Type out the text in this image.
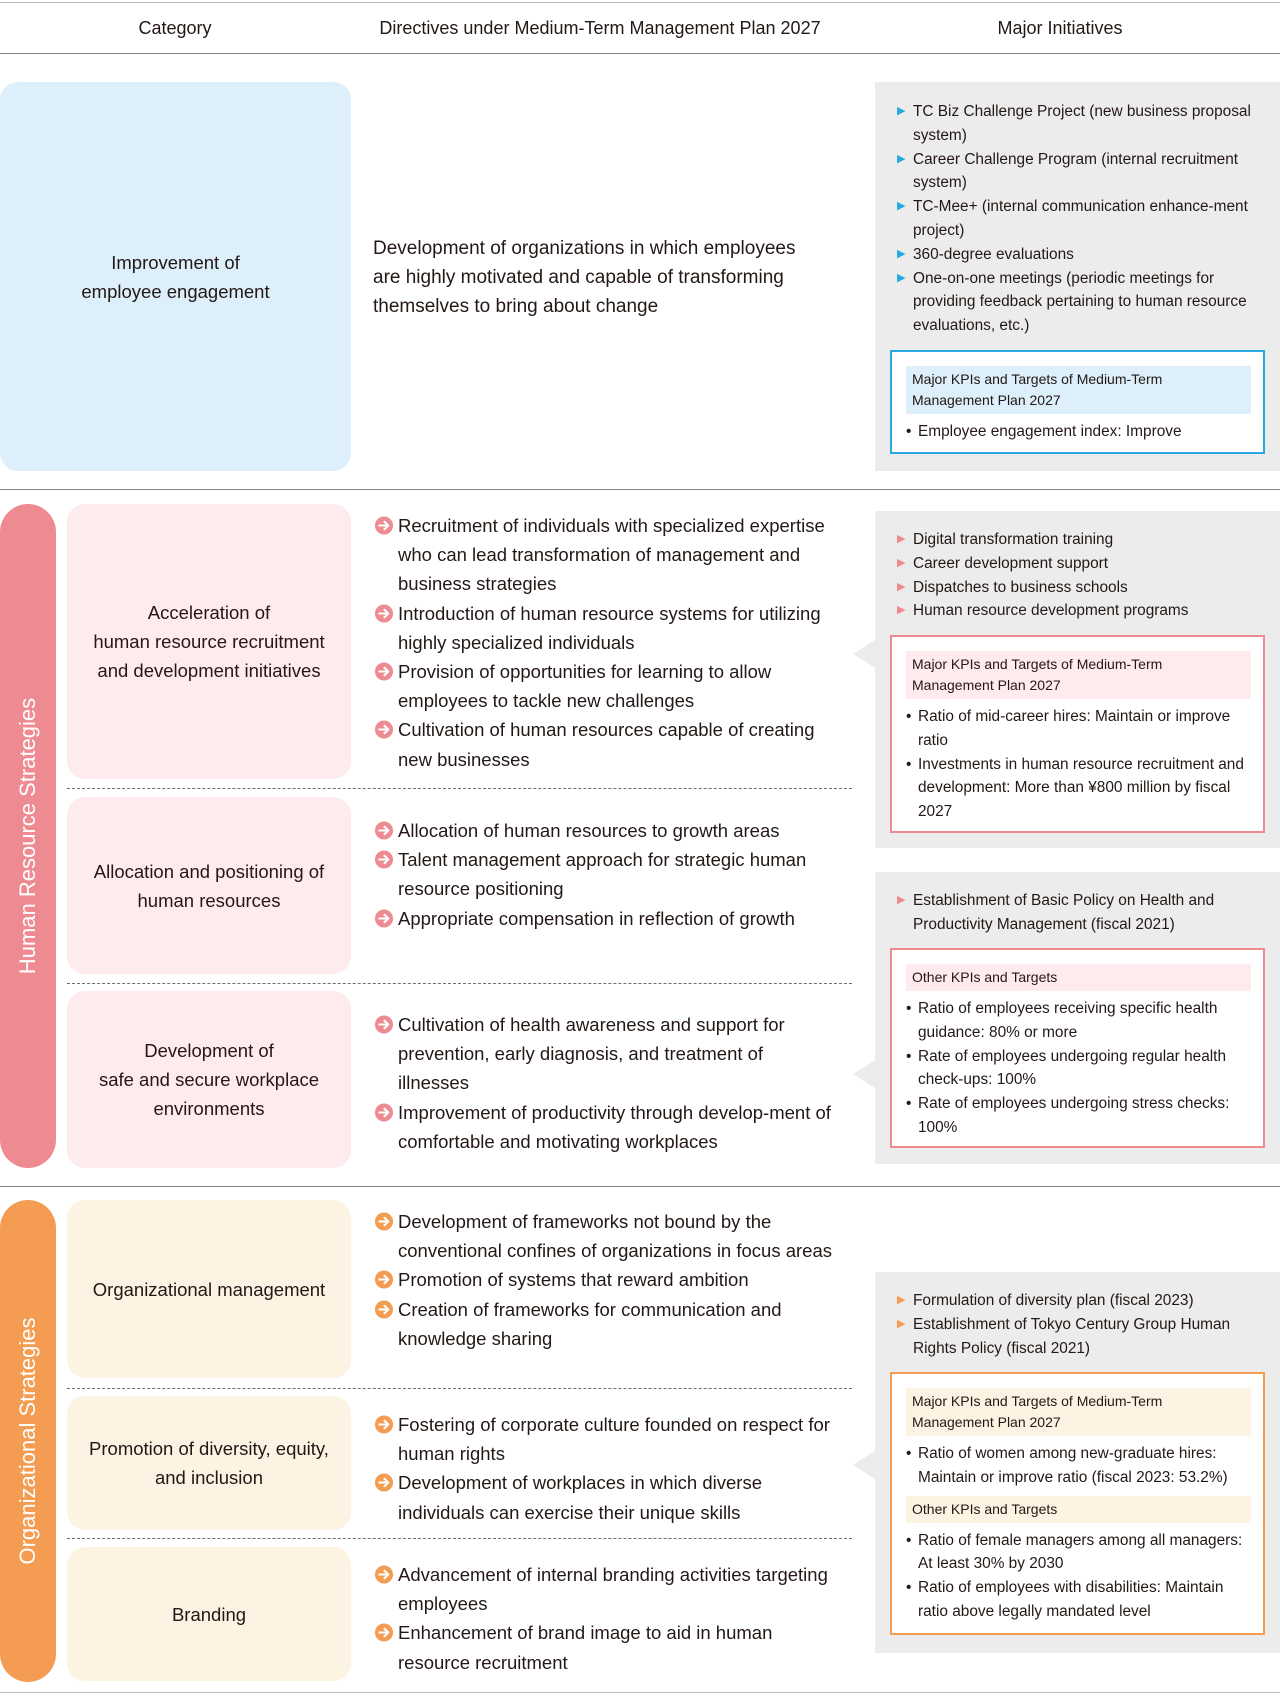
Category	Directives under Medium-Term Management Plan 2027	Major Initiatives
Improvement of
employee engagement
Development of organizations in which employees are highly motivated and capable of transforming themselves to bring about change
▶ TC Biz Challenge Project (new business proposal system)
▶ Career Challenge Program (internal recruitment system)
▶ TC-Mee+ (internal communication enhance-ment project)
▶ 360-degree evaluations
▶ One-on-one meetings (periodic meetings for providing feedback pertaining to human resource evaluations, etc.)
Major KPIs and Targets of Medium-Term Management Plan 2027
• Employee engagement index: Improve
Human Resource Strategies
Acceleration of
human resource recruitment
and development initiatives
Allocation and positioning of
human resources
Development of
safe and secure workplace
environments
Recruitment of individuals with specialized expertise who can lead transformation of management and business strategies
Introduction of human resource systems for utilizing highly specialized individuals
Provision of opportunities for learning to allow employees to tackle new challenges
Cultivation of human resources capable of creating new businesses
Allocation of human resources to growth areas
Talent management approach for strategic human resource positioning
Appropriate compensation in reflection of growth
Cultivation of health awareness and support for prevention, early diagnosis, and treatment of illnesses
Improvement of productivity through develop-ment of comfortable and motivating workplaces
▶ Digital transformation training
▶ Career development support
▶ Dispatches to business schools
▶ Human resource development programs
Major KPIs and Targets of Medium-Term Management Plan 2027
• Ratio of mid-career hires: Maintain or improve ratio
• Investments in human resource recruitment and development: More than ¥800 million by fiscal 2027
▶ Establishment of Basic Policy on Health and Productivity Management (fiscal 2021)
Other KPIs and Targets
• Ratio of employees receiving specific health guidance: 80% or more
• Rate of employees undergoing regular health check-ups: 100%
• Rate of employees undergoing stress checks: 100%
Organizational Strategies
Organizational management
Promotion of diversity, equity,
and inclusion
Branding
Development of frameworks not bound by the conventional confines of organizations in focus areas
Promotion of systems that reward ambition
Creation of frameworks for communication and knowledge sharing
Fostering of corporate culture founded on respect for human rights
Development of workplaces in which diverse individuals can exercise their unique skills
Advancement of internal branding activities targeting employees
Enhancement of brand image to aid in human resource recruitment
▶ Formulation of diversity plan (fiscal 2023)
▶ Establishment of Tokyo Century Group Human Rights Policy (fiscal 2021)
Major KPIs and Targets of Medium-Term Management Plan 2027
• Ratio of women among new-graduate hires: Maintain or improve ratio (fiscal 2023: 53.2%)
Other KPIs and Targets
• Ratio of female managers among all managers: At least 30% by 2030
• Ratio of employees with disabilities: Maintain ratio above legally mandated level
